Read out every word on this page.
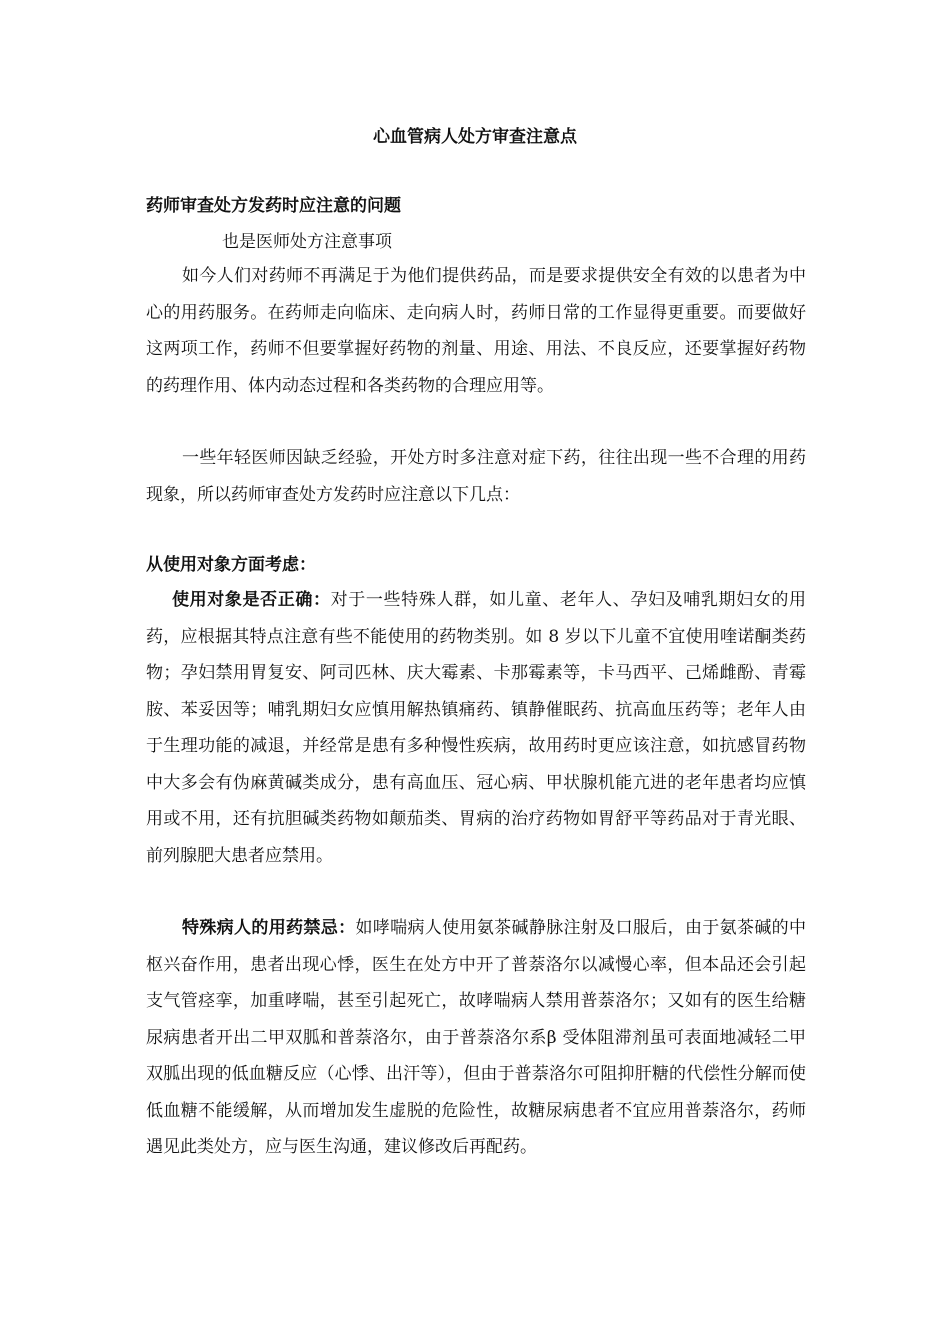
心血管病人处方审查注意点
药师审查处方发药时应注意的问题
也是医师处方注意事项
如今人们对药师不再满足于为他们提供药品，而是要求提供安全有效的以患者为中心的用药服务。在药师走向临床、走向病人时，药师日常的工作显得更重要。而要做好这两项工作，药师不但要掌握好药物的剂量、用途、用法、不良反应，还要掌握好药物的药理作用、体内动态过程和各类药物的合理应用等。
一些年轻医师因缺乏经验，开处方时多注意对症下药，往往出现一些不合理的用药现象，所以药师审查处方发药时应注意以下几点：
从使用对象方面考虑：
使用对象是否正确：对于一些特殊人群，如儿童、老年人、孕妇及哺乳期妇女的用药，应根据其特点注意有些不能使用的药物类别。如 8 岁以下儿童不宜使用喹诺酮类药物；孕妇禁用胃复安、阿司匹林、庆大霉素、卡那霉素等，卡马西平、己烯雌酚、青霉胺、苯妥因等；哺乳期妇女应慎用解热镇痛药、镇静催眠药、抗高血压药等；老年人由于生理功能的减退，并经常是患有多种慢性疾病，故用药时更应该注意，如抗感冒药物中大多会有伪麻黄碱类成分，患有高血压、冠心病、甲状腺机能亢进的老年患者均应慎用或不用，还有抗胆碱类药物如颠茄类、胃病的治疗药物如胃舒平等药品对于青光眼、前列腺肥大患者应禁用。
特殊病人的用药禁忌：如哮喘病人使用氨茶碱静脉注射及口服后，由于氨茶碱的中枢兴奋作用，患者出现心悸，医生在处方中开了普萘洛尔以减慢心率，但本品还会引起支气管痉挛，加重哮喘，甚至引起死亡，故哮喘病人禁用普萘洛尔；又如有的医生给糖尿病患者开出二甲双胍和普萘洛尔，由于普萘洛尔系β 受体阻滞剂虽可表面地减轻二甲双胍出现的低血糖反应（心悸、出汗等），但由于普萘洛尔可阻抑肝糖的代偿性分解而使低血糖不能缓解，从而增加发生虚脱的危险性，故糖尿病患者不宜应用普萘洛尔，药师遇见此类处方，应与医生沟通，建议修改后再配药。
